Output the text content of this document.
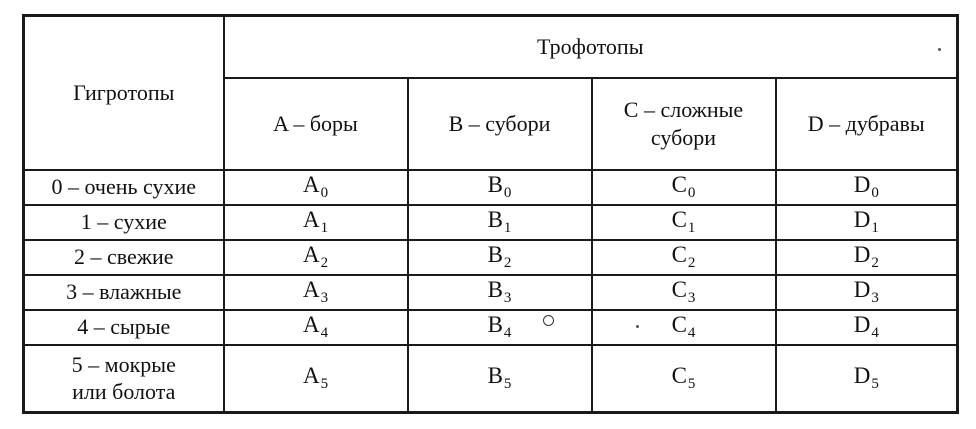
Гигротопы	Трофотопы			
	A – боры	B – субори	C – сложные
субори	D – дубравы
0 – очень сухие	$A_0$	$B_0$	$C_0$	$D_0$
1 – сухие	$A_1$	$B_1$	$C_1$	$D_1$
2 – свежие	$A_2$	$B_2$	$C_2$	$D_2$
3 – влажные	$A_3$	$B_3$	$C_3$	$D_3$
4 – сырые	$A_4$	$B_4$	$C_4$	$D_4$
5 – мокрые
или болота	$A_5$	$B_5$	$C_5$	$D_5$
